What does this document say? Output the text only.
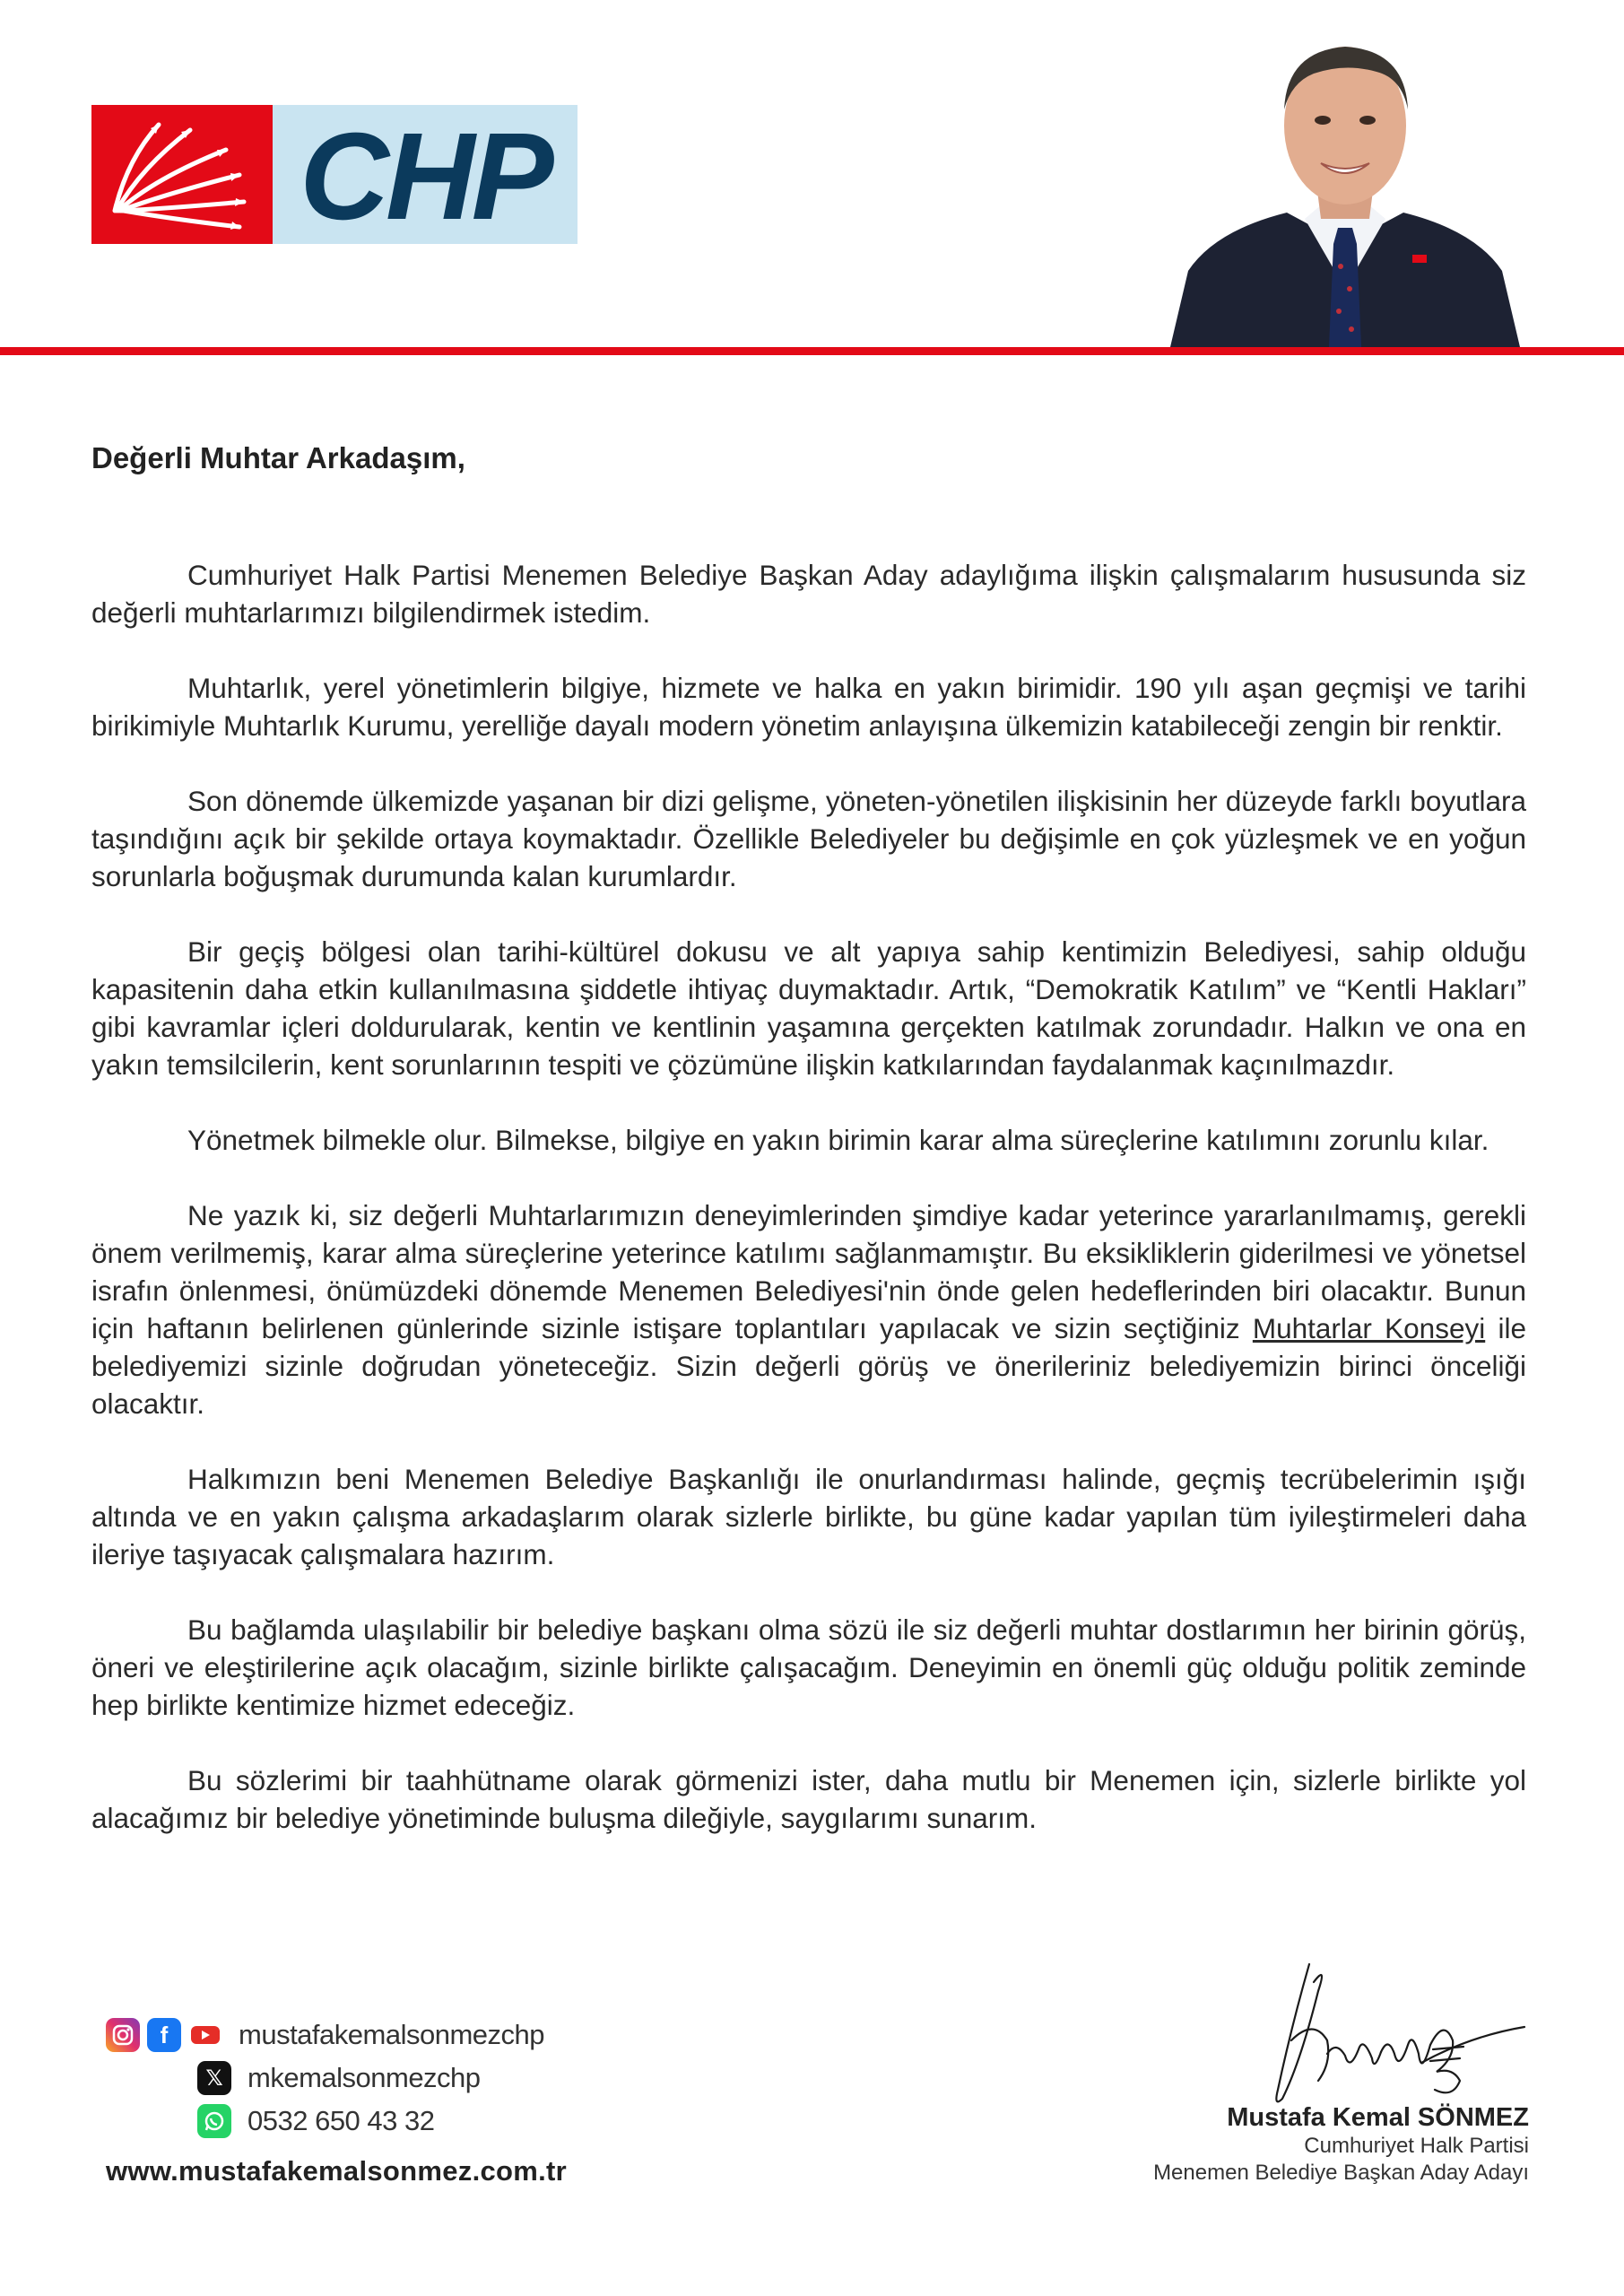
CHP
Değerli Muhtar Arkadaşım,

Cumhuriyet Halk Partisi Menemen Belediye Başkan Aday adaylığıma ilişkin çalışmalarım hususunda siz değerli muhtarlarımızı bilgilendirmek istedim.

Muhtarlık, yerel yönetimlerin bilgiye, hizmete ve halka en yakın birimidir. 190 yılı aşan geçmişi ve tarihi birikimiyle Muhtarlık Kurumu, yerelliğe dayalı modern yönetim anlayışına ülkemizin katabileceği zengin bir renktir.

Son dönemde ülkemizde yaşanan bir dizi gelişme, yöneten-yönetilen ilişkisinin her düzeyde farklı boyutlara taşındığını açık bir şekilde ortaya koymaktadır. Özellikle Belediyeler bu değişimle en çok yüzleşmek ve en yoğun sorunlarla boğuşmak durumunda kalan kurumlardır.

Bir geçiş bölgesi olan tarihi-kültürel dokusu ve alt yapıya sahip kentimizin Belediyesi, sahip olduğu kapasitenin daha etkin kullanılmasına şiddetle ihtiyaç duymaktadır. Artık, “Demokratik Katılım” ve “Kentli Hakları” gibi kavramlar içleri doldurularak, kentin ve kentlinin yaşamına gerçekten katılmak zorundadır. Halkın ve ona en yakın temsilcilerin, kent sorunlarının tespiti ve çözümüne ilişkin katkılarından faydalanmak kaçınılmazdır.

Yönetmek bilmekle olur. Bilmekse, bilgiye en yakın birimin karar alma süreçlerine katılımını zorunlu kılar.

Ne yazık ki, siz değerli Muhtarlarımızın deneyimlerinden şimdiye kadar yeterince yararlanılmamış, gerekli önem verilmemiş, karar alma süreçlerine yeterince katılımı sağlanmamıştır. Bu eksikliklerin giderilmesi ve yönetsel israfın önlenmesi, önümüzdeki dönemde Menemen Belediyesi'nin önde gelen hedeflerinden biri olacaktır. Bunun için haftanın belirlenen günlerinde sizinle istişare toplantıları yapılacak ve sizin seçtiğiniz Muhtarlar Konseyi ile belediyemizi sizinle doğrudan yöneteceğiz. Sizin değerli görüş ve önerileriniz belediyemizin birinci önceliği olacaktır.

Halkımızın beni Menemen Belediye Başkanlığı ile onurlandırması halinde, geçmiş tecrübelerimin ışığı altında ve en yakın çalışma arkadaşlarım olarak sizlerle birlikte, bu güne kadar yapılan tüm iyileştirmeleri daha ileriye taşıyacak çalışmalara hazırım.

Bu bağlamda ulaşılabilir bir belediye başkanı olma sözü ile siz değerli muhtar dostlarımın her birinin görüş, öneri ve eleştirilerine açık olacağım, sizinle birlikte çalışacağım. Deneyimin en önemli güç olduğu politik zeminde hep birlikte kentimize hizmet edeceğiz.

Bu sözlerimi bir taahhütname olarak görmenizi ister, daha mutlu bir Menemen için, sizlerle birlikte yol alacağımız bir belediye yönetiminde buluşma dileğiyle, saygılarımı sunarım.

f	mustafakemalsonmezchp
𝕏 mkemalsonmezchp
0532 650 43 32
www.mustafakemalsonmez.com.tr
Mustafa Kemal SÖNMEZ
Cumhuriyet Halk Partisi
Menemen Belediye Başkan Aday Adayı
